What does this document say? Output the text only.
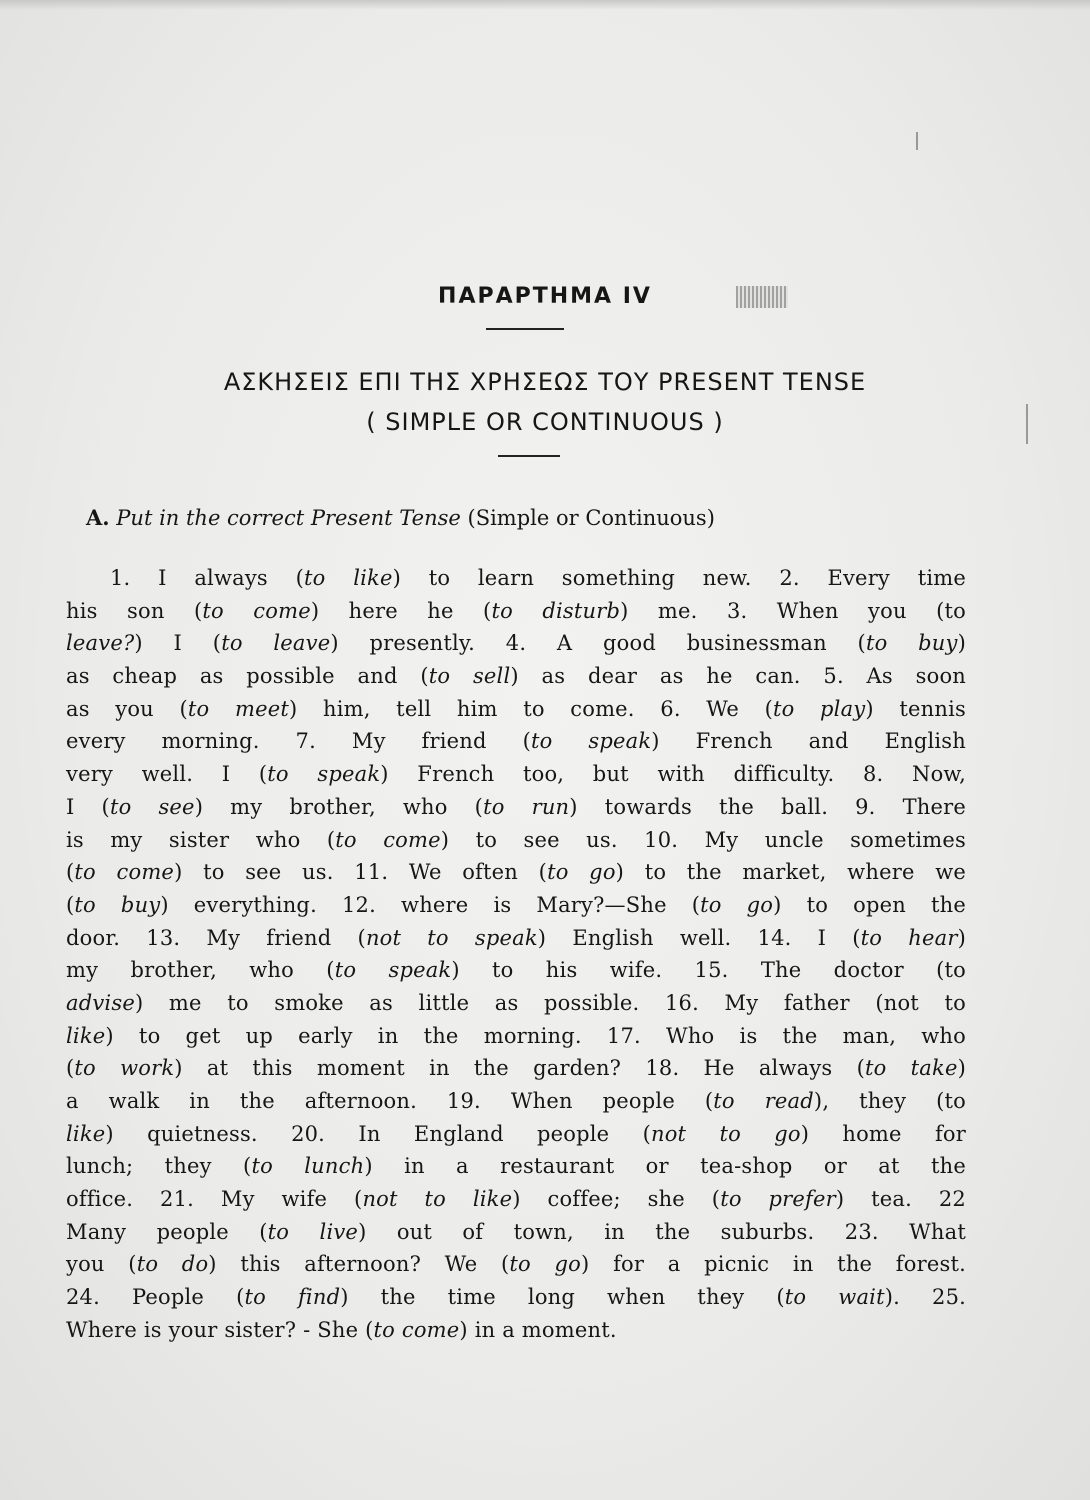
ΠΑΡΑΡΤΗΜΑ IV
ΑΣΚΗΣΕΙΣ ΕΠΙ ΤΗΣ ΧΡΗΣΕΩΣ ΤΟΥ PRESENT TENSE
( SIMPLE OR CONTINUOUS )
A. Put in the correct Present Tense (Simple or Continuous)
1. I always (to like) to learn something new. 2. Every time
his son (to come) here he (to disturb) me. 3. When you (to
leave?) I (to leave) presently. 4. A good businessman (to buy)
as cheap as possible and (to sell) as dear as he can. 5. As soon
as you (to meet) him, tell him to come. 6. We (to play) tennis
every morning. 7. My friend (to speak) French and English
very well. I (to speak) French too, but with difficulty. 8. Now,
I (to see) my brother, who (to run) towards the ball. 9. There
is my sister who (to come) to see us. 10. My uncle sometimes
(to come) to see us. 11. We often (to go) to the market, where we
(to buy) everything. 12. where is Mary?—She (to go) to open the
door. 13. My friend (not to speak) English well. 14. I (to hear)
my brother, who (to speak) to his wife. 15. The doctor (to
advise) me to smoke as little as possible. 16. My father (not to
like) to get up early in the morning. 17. Who is the man, who
(to work) at this moment in the garden? 18. He always (to take)
a walk in the afternoon. 19. When people (to read), they (to
like) quietness. 20. In England people (not to go) home for
lunch; they (to lunch) in a restaurant or tea-shop or at the
office. 21. My wife (not to like) coffee; she (to prefer) tea. 22
Many people (to live) out of town, in the suburbs. 23. What
you (to do) this afternoon? We (to go) for a picnic in the forest.
24. People (to find) the time long when they (to wait). 25.
Where is your sister? - She (to come) in a moment.
